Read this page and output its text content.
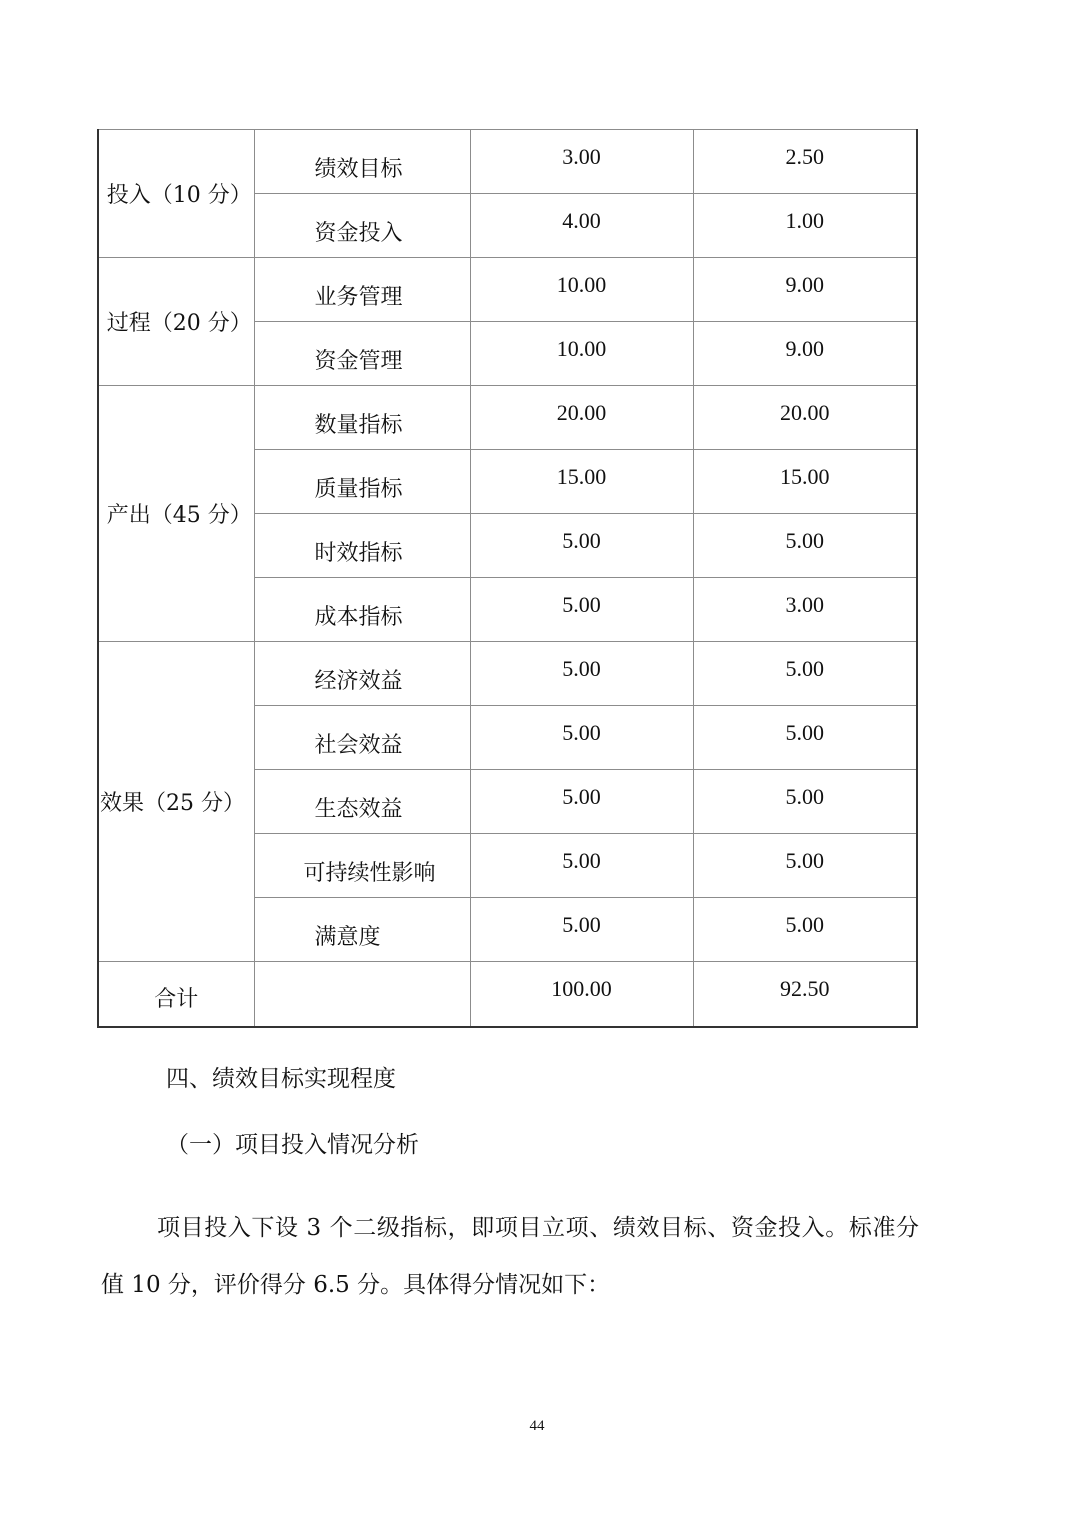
投入（10 分）	绩效目标	3.00	2.50

	资金投入	4.00	1.00

过程（20 分）	业务管理	10.00	9.00

	资金管理	10.00	9.00

产出（45 分）	数量指标	20.00	20.00

	质量指标	15.00	15.00

	时效指标	5.00	5.00

	成本指标	5.00	3.00

效果（25 分）	经济效益	5.00	5.00

	社会效益	5.00	5.00

	生态效益	5.00	5.00

	可持续性影响	5.00	5.00

	满意度	5.00	5.00

合计		100.00	92.50
四、绩效目标实现程度
（一）项目投入情况分析
项目投入下设 3 个二级指标，即项目立项、绩效目标、资金投入。标准分
值 10 分，评价得分 6.5 分。具体得分情况如下：
44
